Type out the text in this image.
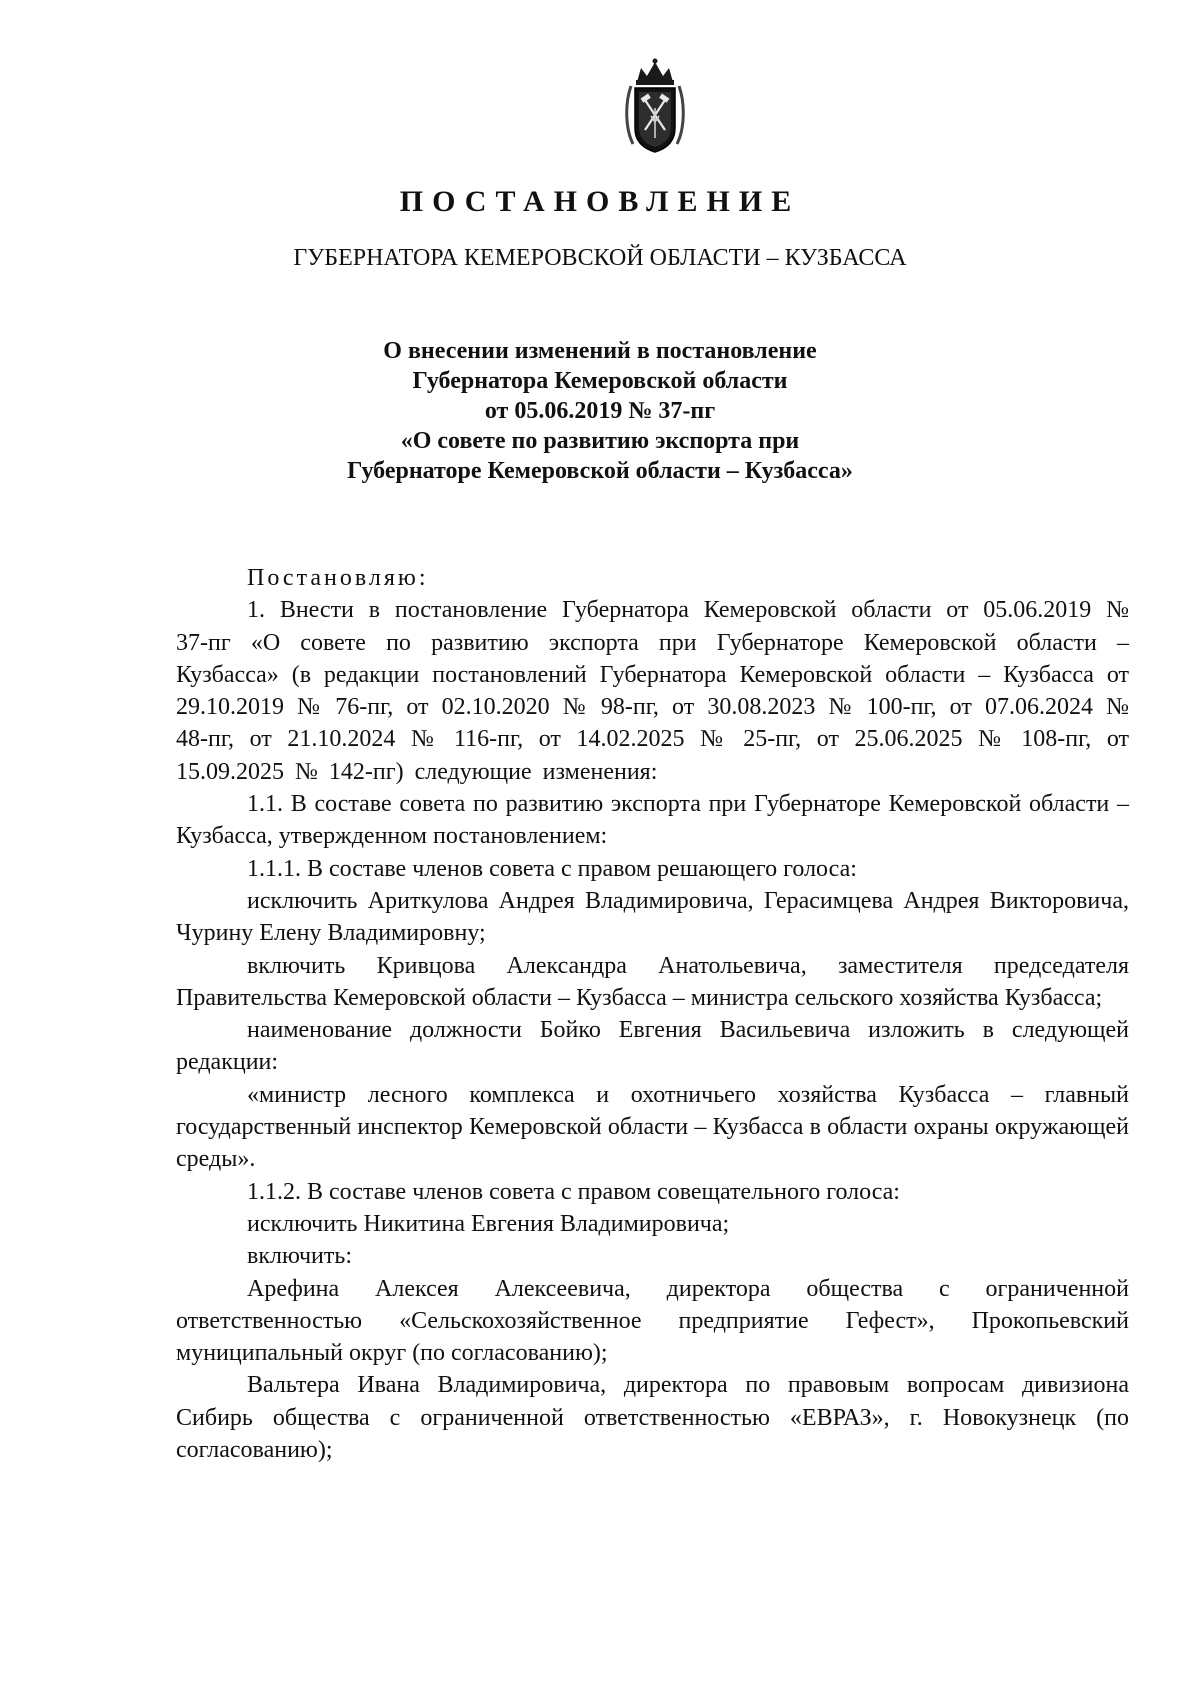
ПОСТАНОВЛЕНИЕ
ГУБЕРНАТОРА КЕМЕРОВСКОЙ ОБЛАСТИ – КУЗБАССА
О внесении изменений в постановление
Губернатора Кемеровской области
от 05.06.2019 № 37-пг
«О совете по развитию экспорта при
Губернаторе Кемеровской области – Кузбасса»

Постановляю:

1. Внести в постановление Губернатора Кемеровской области от 05.06.2019 № 37-пг «О совете по развитию экспорта при Губернаторе Кемеровской области – Кузбасса» (в редакции постановлений Губернатора Кемеровской области – Кузбасса от 29.10.2019 № 76-пг, от 02.10.2020 № 98-пг, от 30.08.2023 № 100-пг, от 07.06.2024 № 48-пг, от 21.10.2024 № 116-пг, от 14.02.2025 № 25-пг, от 25.06.2025 № 108-пг, от 15.09.2025 № 142-пг) следующие изменения:

1.1. В составе совета по развитию экспорта при Губернаторе Кемеровской области – Кузбасса, утвержденном постановлением:

1.1.1. В составе членов совета с правом решающего голоса:

исключить Ариткулова Андрея Владимировича, Герасимцева Андрея Викторовича, Чурину Елену Владимировну;

включить Кривцова Александра Анатольевича, заместителя председателя Правительства Кемеровской области – Кузбасса – министра сельского хозяйства Кузбасса;

наименование должности Бойко Евгения Васильевича изложить в следующей редакции:

«министр лесного комплекса и охотничьего хозяйства Кузбасса – главный государственный инспектор Кемеровской области – Кузбасса в области охраны окружающей среды».

1.1.2. В составе членов совета с правом совещательного голоса:

исключить Никитина Евгения Владимировича;

включить:

Арефина Алексея Алексеевича, директора общества с ограниченной ответственностью «Сельскохозяйственное предприятие Гефест», Прокопьевский муниципальный округ (по согласованию);

Вальтера Ивана Владимировича, директора по правовым вопросам дивизиона Сибирь общества с ограниченной ответственностью «ЕВРАЗ», г. Новокузнецк (по согласованию);
